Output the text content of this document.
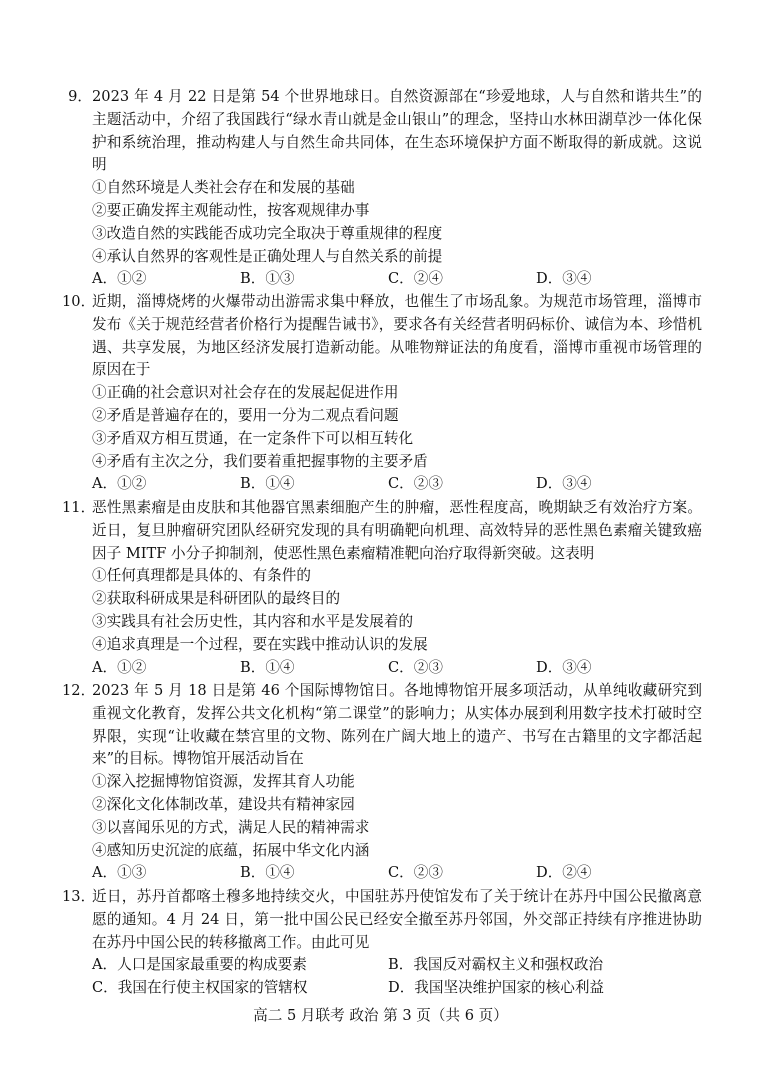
9． 2023 年 4 月 22 日是第 54 个世界地球日。自然资源部在“珍爱地球，人与自然和谐共生”的主题活动中，介绍了我国践行“绿水青山就是金山银山”的理念，坚持山水林田湖草沙一体化保护和系统治理，推动构建人与自然生命共同体，在生态环境保护方面不断取得的新成就。这说明
①自然环境是人类社会存在和发展的基础
②要正确发挥主观能动性，按客观规律办事
③改造自然的实践能否成功完全取决于尊重规律的程度
④承认自然界的客观性是正确处理人与自然关系的前提
A．①②	B．①③	C．②④	D．③④
10．
近期，淄博烧烤的火爆带动出游需求集中释放，也催生了市场乱象。为规范市场管理，淄博市发布《关于规范经营者价格行为提醒告诫书》，要求各有关经营者明码标价、诚信为本、珍惜机遇、共享发展，为地区经济发展打造新动能。从唯物辩证法的角度看，淄博市重视市场管理的原因在于
①正确的社会意识对社会存在的发展起促进作用
②矛盾是普遍存在的，要用一分为二观点看问题
③矛盾双方相互贯通，在一定条件下可以相互转化
④矛盾有主次之分，我们要着重把握事物的主要矛盾
A．①②	B．①④	C．②③	D．③④
11．
恶性黑素瘤是由皮肤和其他器官黑素细胞产生的肿瘤，恶性程度高，晚期缺乏有效治疗方案。近日，复旦肿瘤研究团队经研究发现的具有明确靶向机理、高效特异的恶性黑色素瘤关键致癌因子 MITF 小分子抑制剂，使恶性黑色素瘤精准靶向治疗取得新突破。这表明
①任何真理都是具体的、有条件的
②获取科研成果是科研团队的最终目的
③实践具有社会历史性，其内容和水平是发展着的
④追求真理是一个过程，要在实践中推动认识的发展
A．①②	B．①④	C．②③	D．③④
12．
2023 年 5 月 18 日是第 46 个国际博物馆日。各地博物馆开展多项活动，从单纯收藏研究到重视文化教育，发挥公共文化机构“第二课堂”的影响力；从实体办展到利用数字技术打破时空界限，实现“让收藏在禁宫里的文物、陈列在广阔大地上的遗产、书写在古籍里的文字都活起来”的目标。博物馆开展活动旨在
①深入挖掘博物馆资源，发挥其育人功能
②深化文化体制改革，建设共有精神家园
③以喜闻乐见的方式，满足人民的精神需求
④感知历史沉淀的底蕴，拓展中华文化内涵
A．①③	B．①④	C．②③	D．②④
13．
近日，苏丹首都喀土穆多地持续交火，中国驻苏丹使馆发布了关于统计在苏丹中国公民撤离意愿的通知。4 月 24 日，第一批中国公民已经安全撤至苏丹邻国，外交部正持续有序推进协助在苏丹中国公民的转移撤离工作。由此可见
A．人口是国家最重要的构成要素	B．我国反对霸权主义和强权政治
C．我国在行使主权国家的管辖权	D．我国坚决维护国家的核心利益
高二 5 月联考 政治 第 3 页（共 6 页）
